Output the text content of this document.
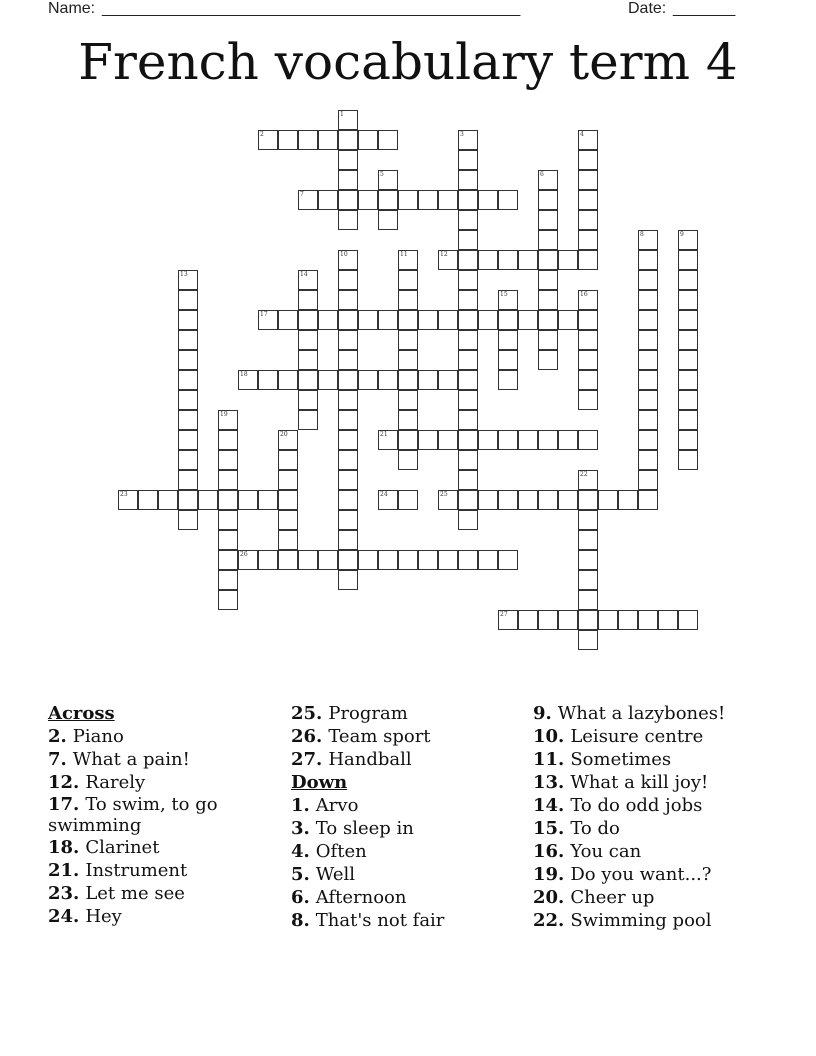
Name: _______________________________________________	Date: _______
French vocabulary term 4
1
2	3	4
5	6
7
8	9
10	11	12
13	14
15	16
17
18
19
20	21
22
23	24	25
26
27
Across
2. Piano
7. What a pain!
12. Rarely
17. To swim, to go swimming
18. Clarinet
21. Instrument
23. Let me see
24. Hey
25. Program
26. Team sport
27. Handball
Down
1. Arvo
3. To sleep in
4. Often
5. Well
6. Afternoon
8. That's not fair
9. What a lazybones!
10. Leisure centre
11. Sometimes
13. What a kill joy!
14. To do odd jobs
15. To do
16. You can
19. Do you want...?
20. Cheer up
22. Swimming pool
